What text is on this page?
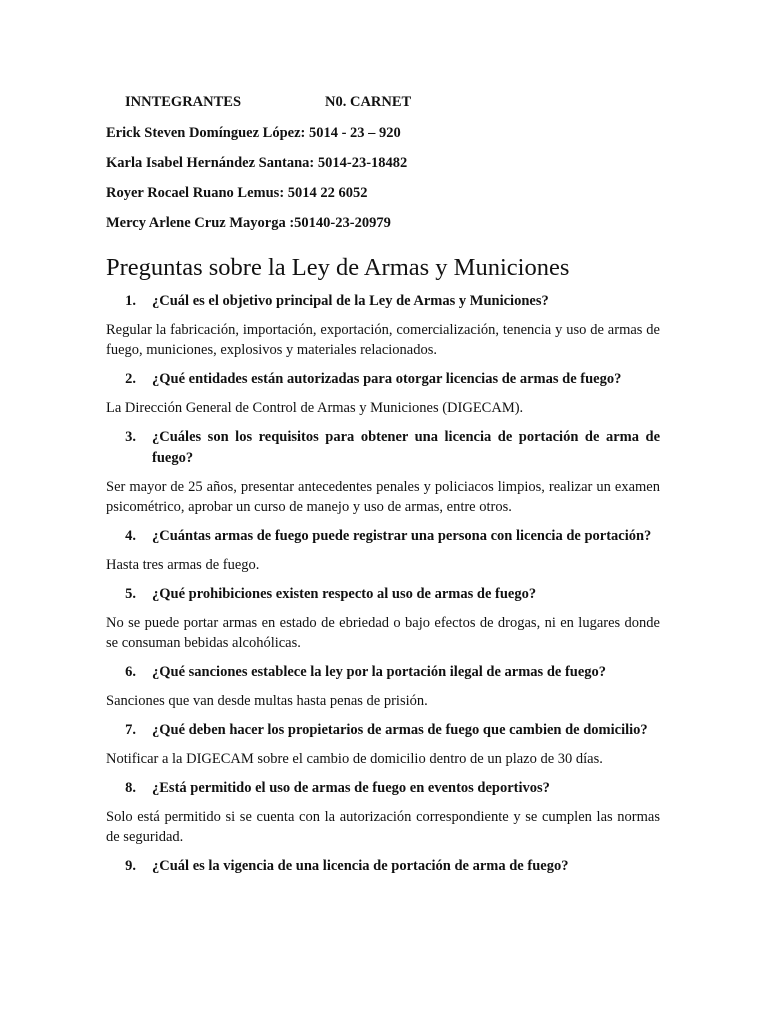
INNTEGRANTES	N0. CARNET
Erick Steven Domínguez López: 5014 - 23 – 920
Karla Isabel Hernández Santana: 5014-23-18482
Royer Rocael Ruano Lemus: 5014 22 6052
Mercy Arlene Cruz Mayorga :50140-23-20979
Preguntas sobre la Ley de Armas y Municiones
1. ¿Cuál es el objetivo principal de la Ley de Armas y Municiones?

Regular la fabricación, importación, exportación, comercialización, tenencia y uso de armas de fuego, municiones, explosivos y materiales relacionados.

2. ¿Qué entidades están autorizadas para otorgar licencias de armas de fuego?

La Dirección General de Control de Armas y Municiones (DIGECAM).

3. ¿Cuáles son los requisitos para obtener una licencia de portación de arma de fuego?

Ser mayor de 25 años, presentar antecedentes penales y policiacos limpios, realizar un examen psicométrico, aprobar un curso de manejo y uso de armas, entre otros.

4. ¿Cuántas armas de fuego puede registrar una persona con licencia de portación?

Hasta tres armas de fuego.

5. ¿Qué prohibiciones existen respecto al uso de armas de fuego?

No se puede portar armas en estado de ebriedad o bajo efectos de drogas, ni en lugares donde se consuman bebidas alcohólicas.

6. ¿Qué sanciones establece la ley por la portación ilegal de armas de fuego?

Sanciones que van desde multas hasta penas de prisión.

7. ¿Qué deben hacer los propietarios de armas de fuego que cambien de domicilio?

Notificar a la DIGECAM sobre el cambio de domicilio dentro de un plazo de 30 días.

8. ¿Está permitido el uso de armas de fuego en eventos deportivos?

Solo está permitido si se cuenta con la autorización correspondiente y se cumplen las normas de seguridad.

9. ¿Cuál es la vigencia de una licencia de portación de arma de fuego?
